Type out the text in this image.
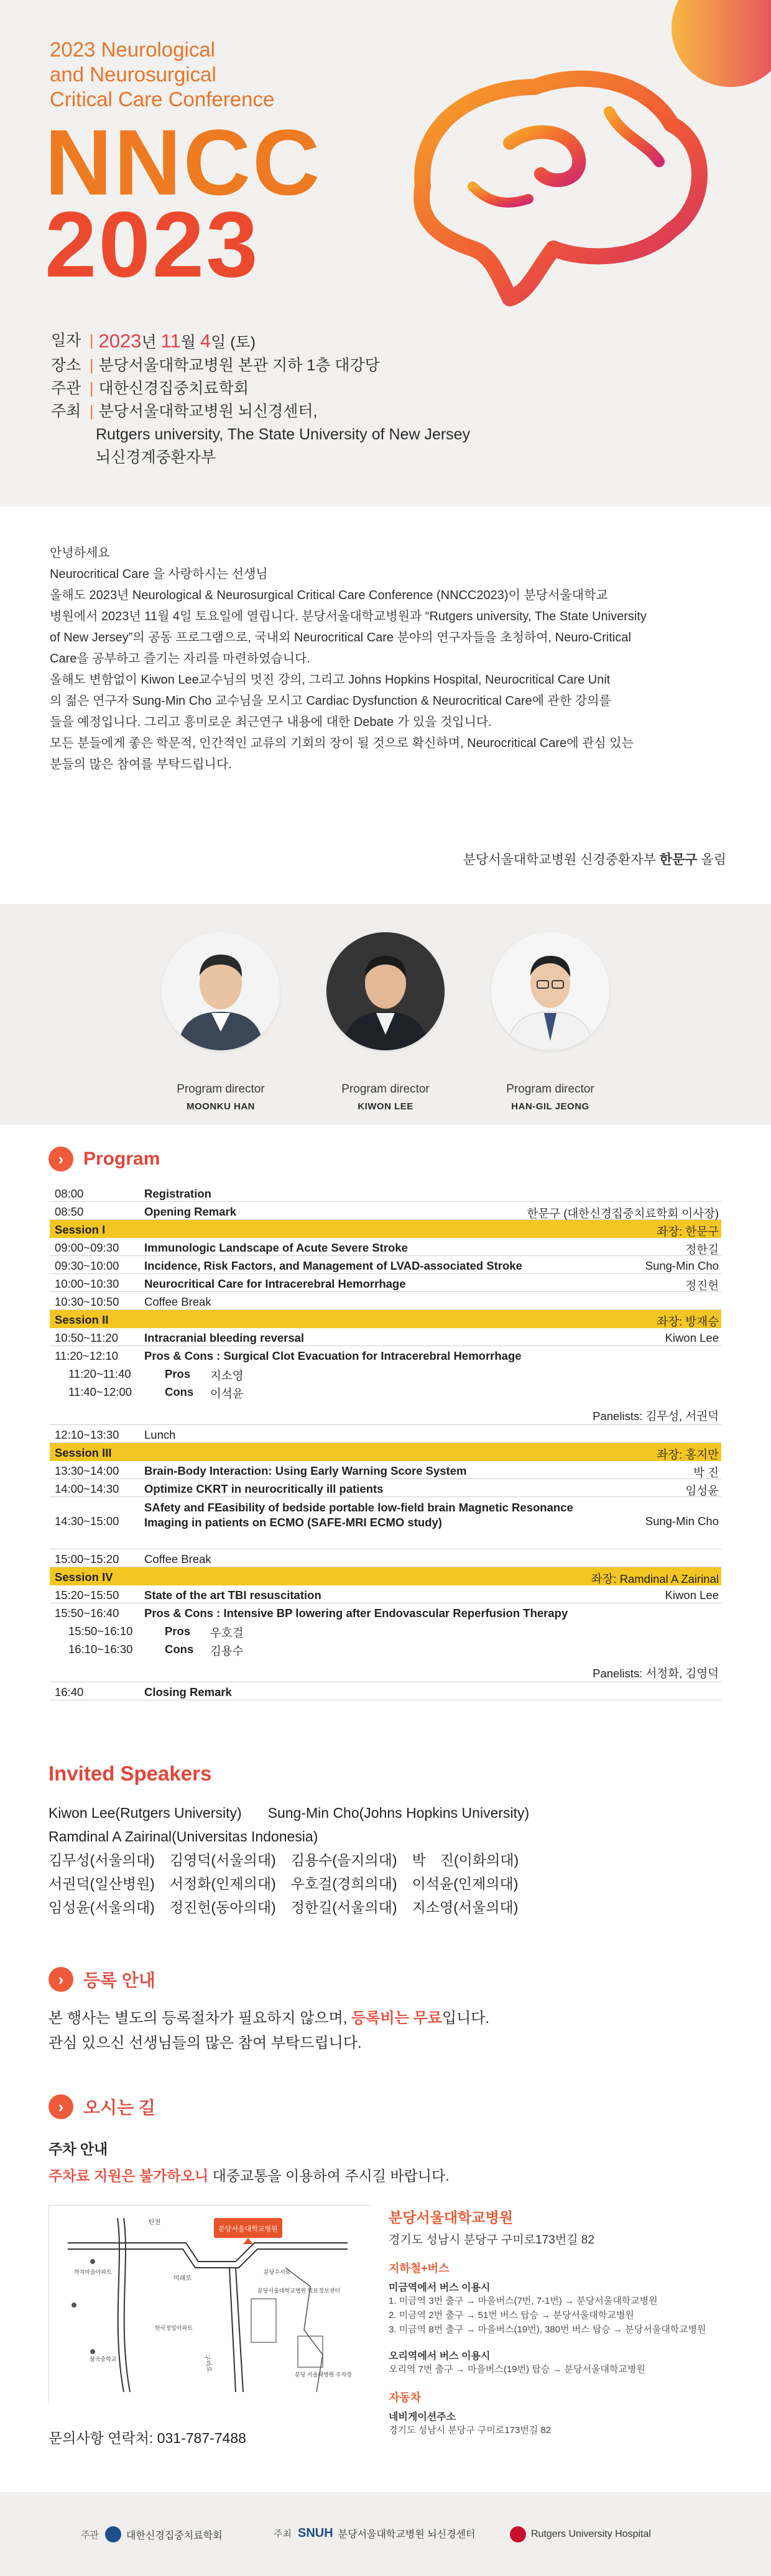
2023 Neurological
and Neurosurgical
Critical Care Conference
NNCC
2023
일자 | 2023년 11월 4일 (토)
장소 | 분당서울대학교병원 본관 지하 1층 대강당
주관 | 대한신경집중치료학회
주최 | 분당서울대학교병원 뇌신경센터,
Rutgers university, The State University of New Jersey
뇌신경계중환자부

안녕하세요

Neurocritical Care 을 사랑하시는 선생님

올해도 2023년 Neurological & Neurosurgical Critical Care Conference (NNCC2023)이 분당서울대학교

병원에서 2023년 11월 4일 토요일에 열립니다. 분당서울대학교병원과 “Rutgers university, The State University

of New Jersey”의 공동 프로그램으로, 국내외 Neurocritical Care 분야의 연구자들을 초청하여, Neuro-Critical

Care을 공부하고 즐기는 자리를 마련하였습니다.

올해도 변함없이 Kiwon Lee교수님의 멋진 강의, 그리고 Johns Hopkins Hospital, Neurocritical Care Unit

의 젊은 연구자 Sung-Min Cho 교수님을 모시고 Cardiac Dysfunction & Neurocritical Care에 관한 강의를

들을 예정입니다. 그리고 흥미로운 최근연구 내용에 대한 Debate 가 있을 것입니다.

모든 분들에게 좋은 학문적, 인간적인 교류의 기회의 장이 될 것으로 확신하며, Neurocritical Care에 관심 있는

분들의 많은 참여를 부탁드립니다.

분당서울대학교병원 신경중환자부 한문구 올림
Program director
MOONKU HAN
Program director
KIWON LEE
Program director
HAN-GIL JEONG
›	Program
08:00	Registration
08:50	Opening Remark	한문구 (대한신경집중치료학회 이사장)
Session I	좌장: 한문구
09:00~09:30 Immunologic Landscape of Acute Severe Stroke	정한길
09:30~10:00 Incidence, Risk Factors, and Management of LVAD-associated Stroke	Sung-Min Cho
10:00~10:30 Neurocritical Care for Intracerebral Hemorrhage	정진헌
10:30~10:50 Coffee Break
Session II	좌장: 방재승
10:50~11:20 Intracranial bleeding reversal	Kiwon Lee
11:20~12:10 Pros & Cons : Surgical Clot Evacuation for Intracerebral Hemorrhage
11:20~11:40	Pros 지소영
11:40~12:00	Cons 이석윤
Panelists: 김무성, 서권덕
12:10~13:30 Lunch
Session III	좌장: 홍지만
13:30~14:00 Brain-Body Interaction: Using Early Warning Score System	박 진
14:00~14:30 Optimize CKRT in neurocritically ill patients	임성윤
14:30~15:00
SAfety and FEasibility of bedside portable low-field brain Magnetic Resonance Imaging in patients on ECMO (SAFE-MRI ECMO study)	Sung-Min Cho
15:00~15:20 Coffee Break
Session IV	좌장: Ramdinal A Zairinal
15:20~15:50 State of the art TBI resuscitation	Kiwon Lee
15:50~16:40 Pros & Cons : Intensive BP lowering after Endovascular Reperfusion Therapy
15:50~16:10	Pros 우호걸
16:10~16:30	Cons 김용수
Panelists: 서정화, 김영덕
16:40	Closing Remark
Invited Speakers
Kiwon Lee(Rutgers University) Sung-Min Cho(Johns Hopkins University)
Ramdinal A Zairinal(Universitas Indonesia)
김무성(서울의대) 김영덕(서울의대) 김용수(을지의대) 박　진(이화의대)
서권덕(일산병원) 서정화(인제의대) 우호걸(경희의대) 이석윤(인제의대)
임성윤(서울의대) 정진헌(동아의대) 정한길(서울의대) 지소영(서울의대)
›	등록 안내
본 행사는 별도의 등록절차가 필요하지 않으며, 등록비는 무료입니다.
관심 있으신 선생님들의 많은 참여 부탁드립니다.
›	오시는 길
주차 안내
주차료 지원은 불가하오니 대중교통을 이용하여 주시길 바랍니다.
분당서울대학교병원
탄천
미래로
까치마을아파트
분당서울대학교병원 의료정보센터
한국정밀아파트
불곡중학교
분당 서울대병원 주차장
구미로
분당수서로
분당서울대학교병원
경기도 성남시 분당구 구미로173번길 82
지하철+버스
미금역에서 버스 이용시
1. 미금역 3번 출구 → 마을버스(7번, 7-1번) → 분당서울대학교병원
2. 미금역 2번 출구 → 51번 버스 탑승 → 분당서울대학교병원
3. 미금역 8번 출구 → 마을버스(19번), 380번 버스 탑승 → 분당서울대학교병원
오리역에서 버스 이용시
오리역 7번 출구 → 마을버스(19번) 탑승 → 분당서울대학교병원
자동차
네비게이션주소
경기도 성남시 분당구 구미로173번길 82
문의사항 연락처: 031-787-7488
주관	대한신경집중치료학회	주최 SNUH 분당서울대학교병원 뇌신경센터	Rutgers University Hospital
